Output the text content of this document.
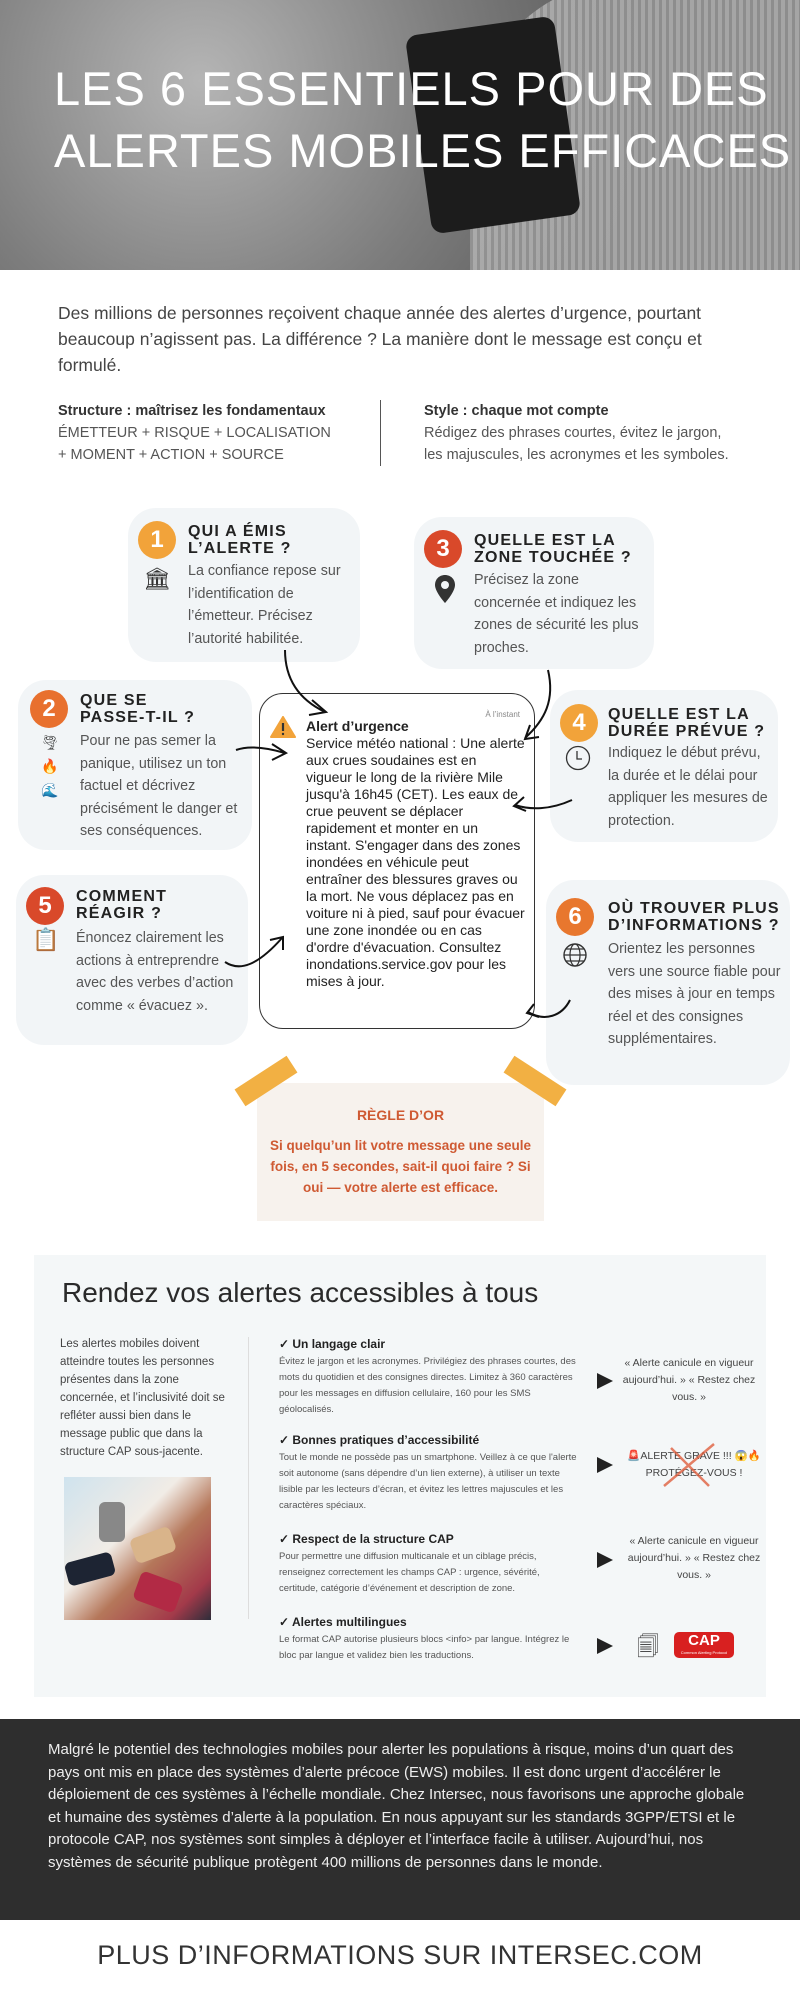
LES 6 ESSENTIELS POUR DES ALERTES MOBILES EFFICACES

Des millions de personnes reçoivent chaque année des alertes d’urgence, pourtant beaucoup n’agissent pas. La différence ? La manière dont le message est conçu et formulé.

Structure : maîtrisez les fondamentaux
ÉMETTEUR + RISQUE + LOCALISATION
+ MOMENT + ACTION + SOURCE
Style : chaque mot compte
Rédigez des phrases courtes, évitez le jargon,
les majuscules, les acronymes et les symboles.
1	QUI A ÉMIS L’ALERTE ?
🏛 La confiance repose sur l’identification de l’émetteur. Précisez l’autorité habilitée.

3	QUELLE EST LA ZONE TOUCHÉE ?

Précisez la zone concernée et indiquez les zones de sécurité les plus proches.

2	QUE SE PASSE-T-IL ?
🌪
🔥
🌊

Pour ne pas semer la panique, utilisez un ton factuel et décrivez précisément le danger et ses conséquences.

4	QUELLE EST LA DURÉE PRÉVUE ?

Indiquez le début prévu, la durée et le délai pour appliquer les mesures de protection.

5	COMMENT RÉAGIR ?
📋 Énoncez clairement les actions à entreprendre avec des verbes d’action comme « évacuez ».

6	OÙ TROUVER PLUS D’INFORMATIONS ?

Orientez les personnes vers une source fiable pour des mises à jour en temps réel et des consignes supplémentaires.

À l’instant
Alert d’urgence
Service météo national : Une alerte aux crues soudaines est en vigueur le long de la rivière Mile jusqu'à 16h45 (CET). Les eaux de crue peuvent se déplacer rapidement et monter en un instant. S'engager dans des zones inondées en véhicule peut entraîner des blessures graves ou la mort. Ne vous déplacez pas en voiture ni à pied, sauf pour évacuer une zone inondée ou en cas d'ordre d'évacuation. Consultez inondations.service.gov pour les mises à jour.
RÈGLE D’OR
Si quelqu’un lit votre message une seule fois, en 5 secondes, sait-il quoi faire ? Si oui — votre alerte est efficace.
Rendez vos alertes accessibles à tous

Les alertes mobiles doivent atteindre toutes les personnes présentes dans la zone concernée, et l’inclusivité doit se refléter aussi bien dans le message public que dans la structure CAP sous-jacente.

✓ Un langage clair

Évitez le jargon et les acronymes. Privilégiez des phrases courtes, des mots du quotidien et des consignes directes. Limitez à 360 caractères pour les messages en diffusion cellulaire, 160 pour les SMS géolocalisés.

✓ Bonnes pratiques d’accessibilité

Tout le monde ne possède pas un smartphone. Veillez à ce que l'alerte soit autonome (sans dépendre d’un lien externe), à utiliser un texte lisible par les lecteurs d’écran, et évitez les lettres majuscules et les caractères spéciaux.

✓ Respect de la structure CAP

Pour permettre une diffusion multicanale et un ciblage précis, renseignez correctement les champs CAP : urgence, sévérité, certitude, catégorie d’événement et description de zone.

✓ Alertes multilingues

Le format CAP autorise plusieurs blocs <info> par langue. Intégrez le bloc par langue et validez bien les traductions.

« Alerte canicule en vigueur aujourd’hui. » « Restez chez vous. »
🚨ALERTE GRAVE !!! 😱🔥PROTÉGEZ-VOUS !
« Alerte canicule en vigueur aujourd’hui. » « Restez chez vous. »
🗐	CAP
Common Alerting Protocol

Malgré le potentiel des technologies mobiles pour alerter les populations à risque, moins d’un quart des pays ont mis en place des systèmes d’alerte précoce (EWS) mobiles. Il est donc urgent d’accélérer le déploiement de ces systèmes à l’échelle mondiale. Chez Intersec, nous favorisons une approche globale et humaine des systèmes d’alerte à la population. En nous appuyant sur les standards 3GPP/ETSI et le protocole CAP, nos systèmes sont simples à déployer et l’interface facile à utiliser. Aujourd’hui, nos systèmes de sécurité publique protègent 400 millions de personnes dans le monde.

PLUS D’INFORMATIONS SUR INTERSEC.COM
